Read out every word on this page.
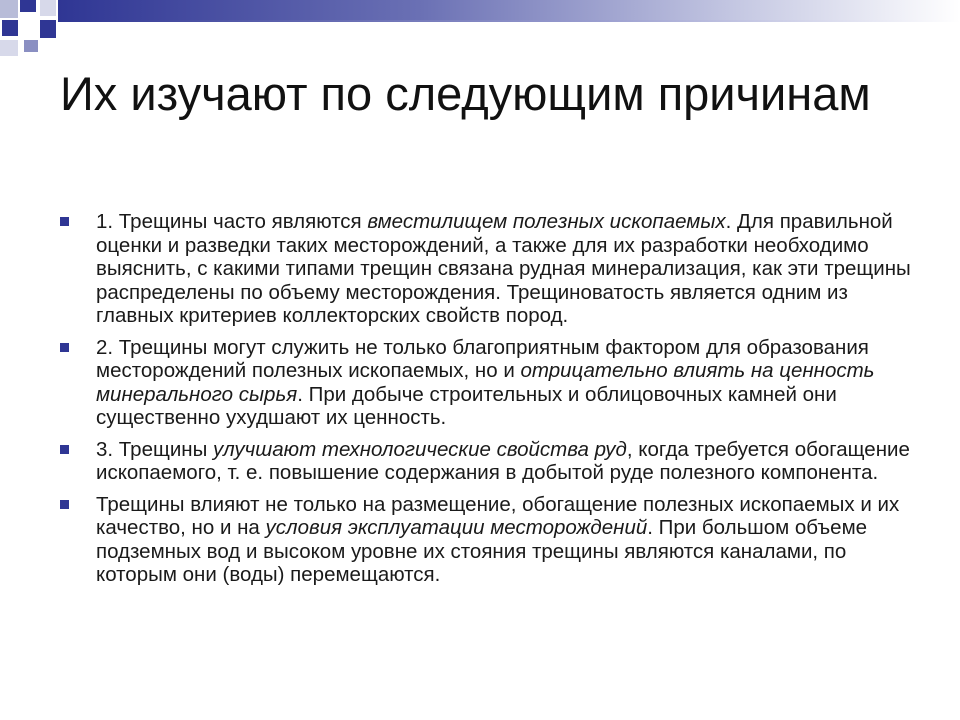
Их изучают по следующим причинам
1. Трещины часто являются вместилищем полезных ископаемых. Для правильной оценки и разведки таких месторождений, а также для их разработки необходимо выяснить, с какими типами трещин связана рудная минерализация, как эти трещины распределены по объему месторождения. Трещиноватость является одним из главных критериев коллекторских свойств пород.
2. Трещины могут служить не только благоприятным фактором для образования месторождений полезных ископаемых, но и отрицательно влиять на ценность минерального сырья. При добыче строительных и облицовочных камней они существенно ухудшают их ценность.
3. Трещины улучшают технологические свойства руд, когда требуется обогащение ископаемого, т. е. повышение содержания в добытой руде полезного компонента.
Трещины влияют не только на размещение, обогащение полезных ископаемых и их качество, но и на условия эксплуатации месторождений. При большом объеме подземных вод и высоком уровне их стояния трещины являются каналами, по которым они (воды) перемещаются.
